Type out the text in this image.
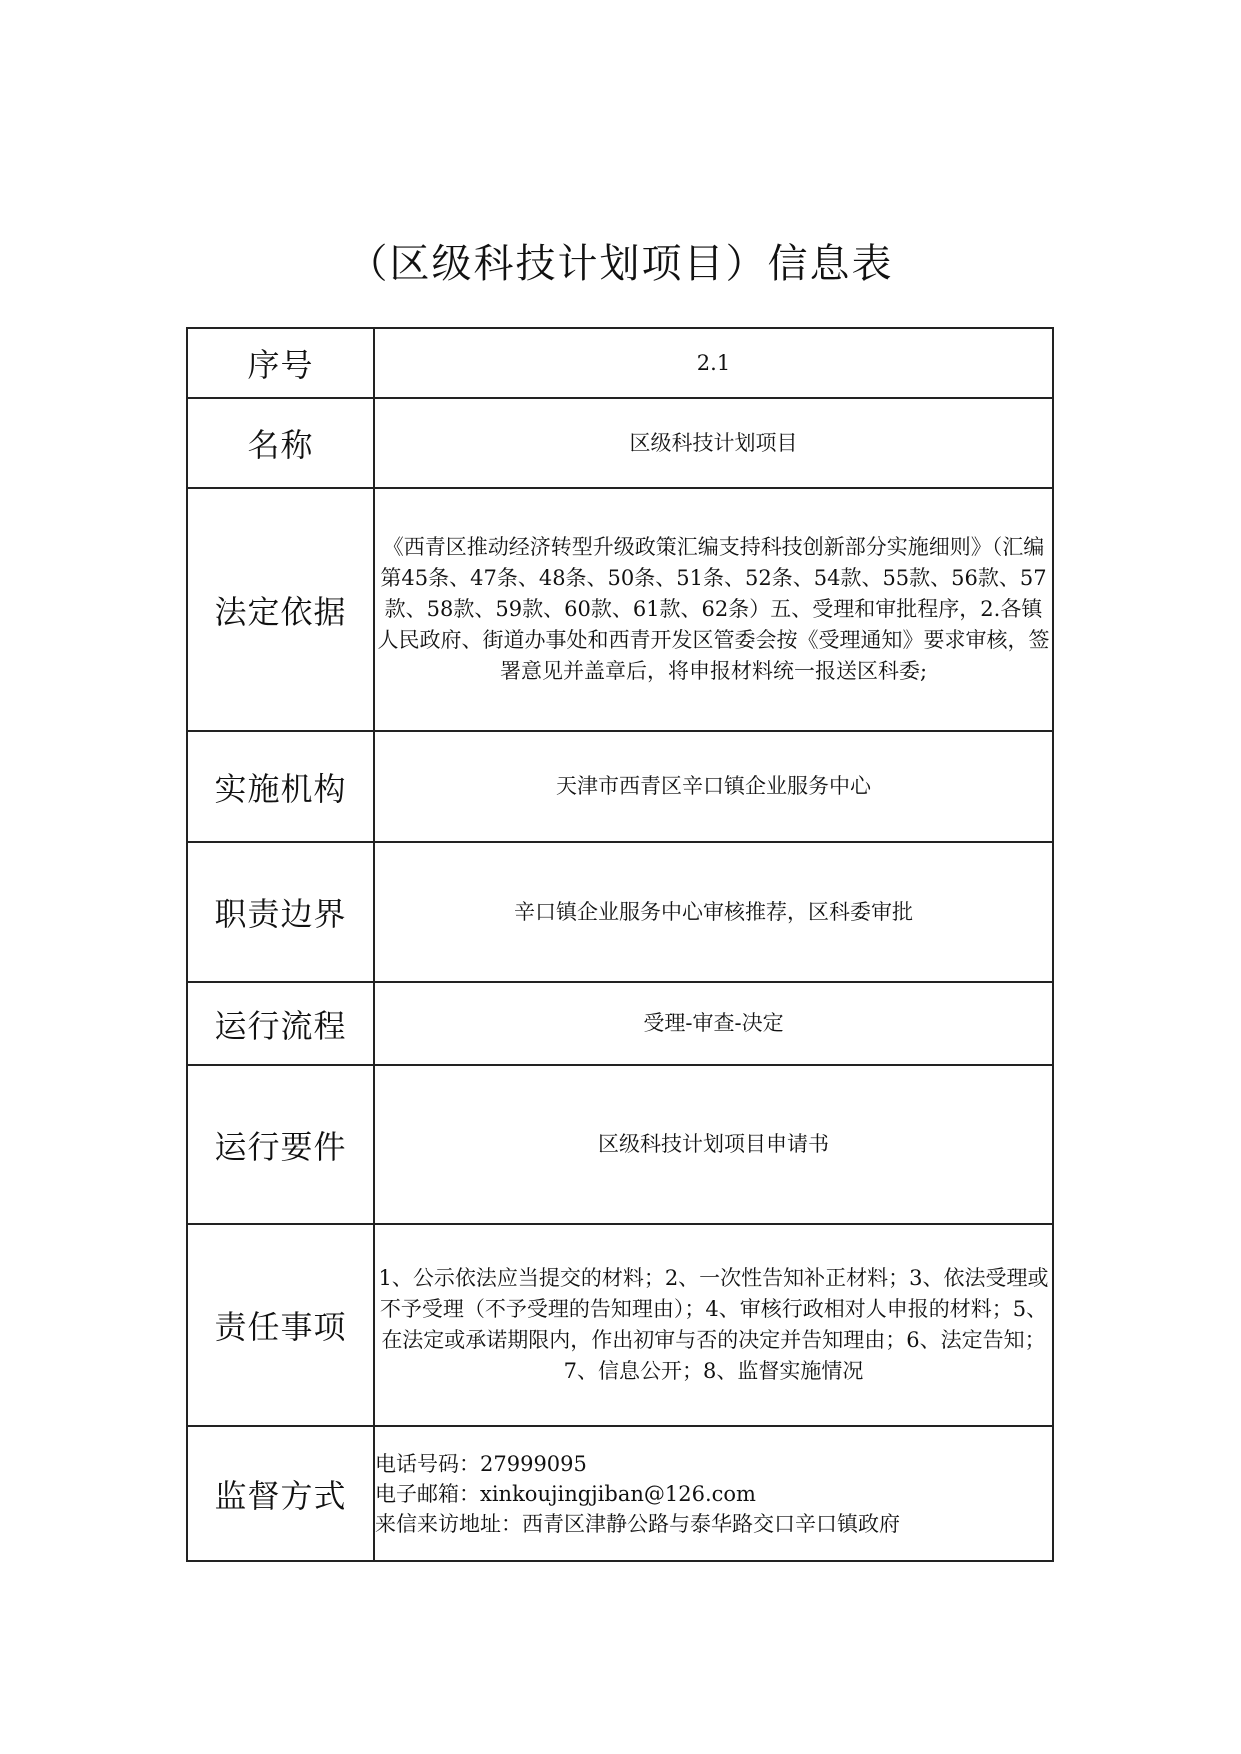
（区级科技计划项目）信息表
序号	2.1
名称	区级科技计划项目
法定依据	《西青区推动经济转型升级政策汇编支持科技创新部分实施细则》（汇编第45条、47条、48条、50条、51条、52条、54款、55款、56款、57款、58款、59款、60款、61款、62条）五、受理和审批程序，2.各镇人民政府、街道办事处和西青开发区管委会按《受理通知》要求审核，签署意见并盖章后，将申报材料统一报送区科委;
实施机构	天津市西青区辛口镇企业服务中心
职责边界	辛口镇企业服务中心审核推荐，区科委审批
运行流程	受理-审查-决定
运行要件	区级科技计划项目申请书
责任事项	1、公示依法应当提交的材料；2、一次性告知补正材料；3、依法受理或不予受理（不予受理的告知理由）；4、审核行政相对人申报的材料；5、在法定或承诺期限内，作出初审与否的决定并告知理由；6、法定告知；7、信息公开；8、监督实施情况
监督方式	电话号码：27999095
电子邮箱：xinkoujingjiban@126.com
来信来访地址：西青区津静公路与泰华路交口辛口镇政府
